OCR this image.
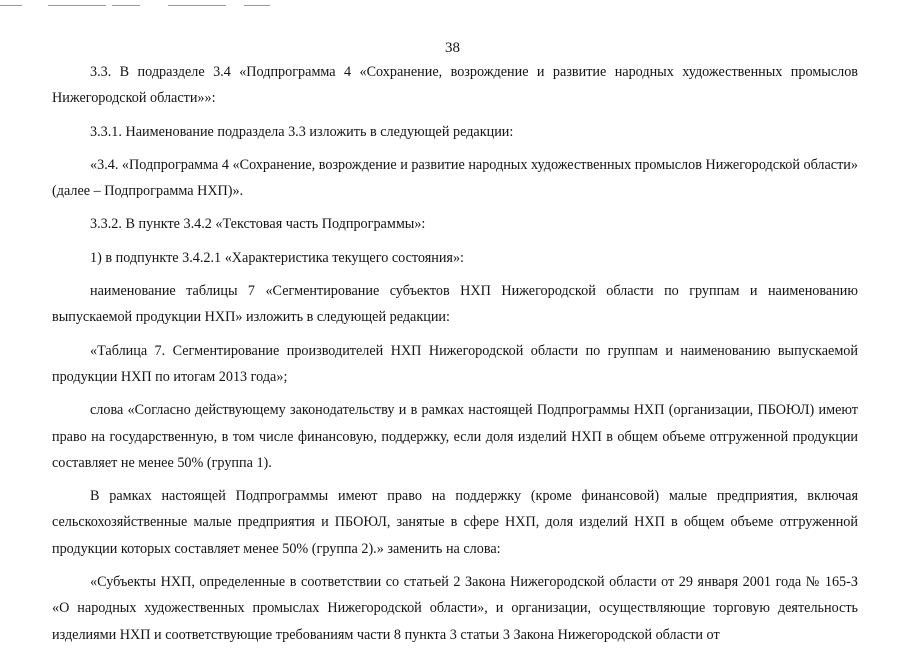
38

3.3. В подразделе 3.4 «Подпрограмма 4 «Сохранение, возрождение и развитие народных художественных промыслов Нижегородской области»»:

3.3.1. Наименование подраздела 3.3 изложить в следующей редакции:

«3.4. «Подпрограмма 4 «Сохранение, возрождение и развитие народных художественных промыслов Нижегородской области» (далее – Подпрограмма НХП)».

3.3.2. В пункте 3.4.2 «Текстовая часть Подпрограммы»:

1) в подпункте 3.4.2.1 «Характеристика текущего состояния»:

наименование таблицы 7 «Сегментирование субъектов НХП Нижегородской области по группам и наименованию выпускаемой продукции НХП» изложить в следующей редакции:

«Таблица 7. Сегментирование производителей НХП Нижегородской области по группам и наименованию выпускаемой продукции НХП по итогам 2013 года»;

слова «Согласно действующему законодательству и в рамках настоящей Подпрограммы НХП (организации, ПБОЮЛ) имеют право на государственную, в том числе финансовую, поддержку, если доля изделий НХП в общем объеме отгруженной продукции составляет не менее 50% (группа 1).

В рамках настоящей Подпрограммы имеют право на поддержку (кроме финансовой) малые предприятия, включая сельскохозяйственные малые предприятия и ПБОЮЛ, занятые в сфере НХП, доля изделий НХП в общем объеме отгруженной продукции которых составляет менее 50% (группа 2).» заменить на слова:

«Субъекты НХП, определенные в соответствии со статьей 2 Закона Нижегородской области от 29 января 2001 года № 165-З «О народных художественных промыслах Нижегородской области», и организации, осуществляющие торговую деятельность изделиями НХП и соответствующие требованиям части 8 пункта 3 статьи 3 Закона Нижегородской области от
